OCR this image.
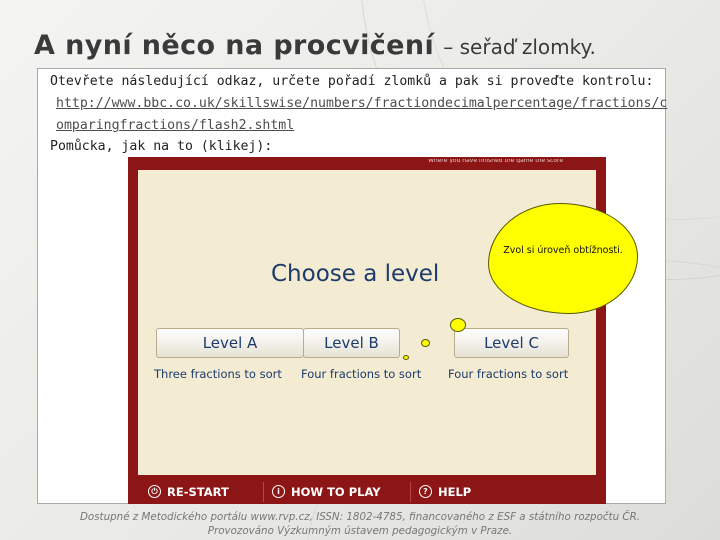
A nyní něco na procvičení – seřaď zlomky.
Otevřete následující odkaz, určete pořadí zlomků a pak si proveďte kontrolu:
http://www.bbc.co.uk/skillswise/numbers/fractiondecimalpercentage/fractions/c
omparingfractions/flash2.shtml
Pomůcka, jak na to (klikej):
Where you have finished the game the score
Choose a level
Level A	Level B	Level C
Three fractions to sort Four fractions to sort Four fractions to sort
Zvol si úroveň obtížnosti.
⏻ RE-START	i HOW TO PLAY	? HELP
Dostupné z Metodického portálu www.rvp.cz, ISSN: 1802-4785, financovaného z ESF a státního rozpočtu ČR.
Provozováno Výzkumným ústavem pedagogickým v Praze.
